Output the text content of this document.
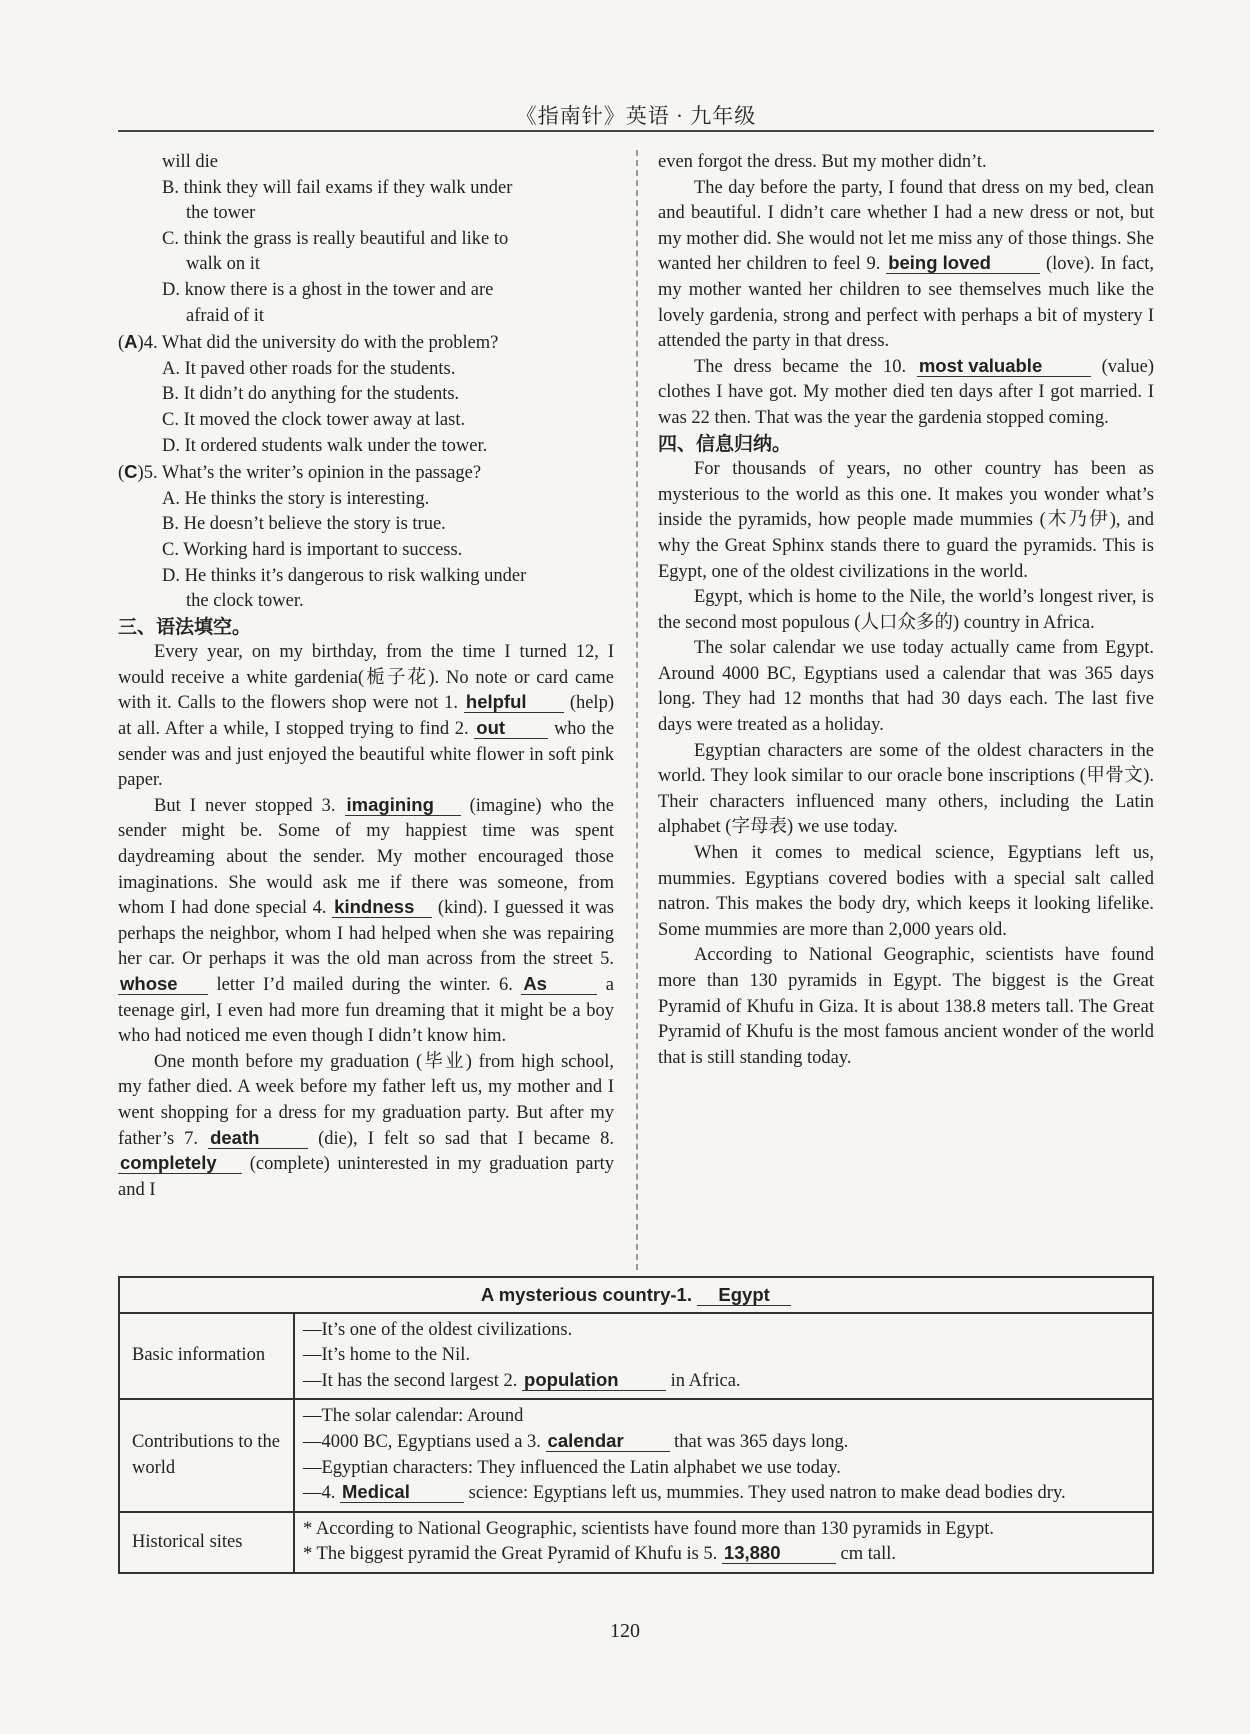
《指南针》英语 · 九年级
will die
B. think they will fail exams if they walk under
the tower
C. think the grass is really beautiful and like to
walk on it
D. know there is a ghost in the tower and are
afraid of it
(A)4. What did the university do with the problem?
A. It paved other roads for the students.
B. It didn’t do anything for the students.
C. It moved the clock tower away at last.
D. It ordered students walk under the tower.
(C)5. What’s the writer’s opinion in the passage?
A. He thinks the story is interesting.
B. He doesn’t believe the story is true.
C. Working hard is important to success.
D. He thinks it’s dangerous to risk walking under
the clock tower.
三、语法填空。
Every year, on my birthday, from the time I turned 12, I would receive a white gardenia(栀子花). No note or card came with it. Calls to the flowers shop were not 1. helpful (help) at all. After a while, I stopped trying to find 2. out	who the sender was and just enjoyed the beautiful white flower in soft pink paper.
But I never stopped 3. imagining (imagine) who the sender might be. Some of my happiest time was spent daydreaming about the sender. My mother encouraged those imaginations. She would ask me if there was someone, from whom I had done special 4. kindness (kind). I guessed it was perhaps the neighbor, whom I had helped when she was repairing her car. Or perhaps it was the old man across from the street 5. whose letter I’d mailed during the winter. 6. As	a teenage girl, I even had more fun dreaming that it might be a boy who had noticed me even though I didn’t know him.
One month before my graduation (毕业) from high school, my father died. A week before my father left us, my mother and I went shopping for a dress for my graduation party. But after my father’s 7. death	(die), I felt so sad that I became 8. completely (complete) uninterested in my graduation party and I
even forgot the dress. But my mother didn’t.
The day before the party, I found that dress on my bed, clean and beautiful. I didn’t care whether I had a new dress or not, but my mother did. She would not let me miss any of those things. She wanted her children to feel 9. being loved	(love). In fact, my mother wanted her children to see themselves much like the lovely gardenia, strong and perfect with perhaps a bit of mystery I attended the party in that dress.
The dress became the 10. most valuable	(value) clothes I have got. My mother died ten days after I got married. I was 22 then. That was the year the gardenia stopped coming.
四、信息归纳。
For thousands of years, no other country has been as mysterious to the world as this one. It makes you wonder what’s inside the pyramids, how people made mummies (木乃伊), and why the Great Sphinx stands there to guard the pyramids. This is Egypt, one of the oldest civilizations in the world.
Egypt, which is home to the Nile, the world’s longest river, is the second most populous (人口众多的) country in Africa.
The solar calendar we use today actually came from Egypt. Around 4000 BC, Egyptians used a calendar that was 365 days long. They had 12 months that had 30 days each. The last five days were treated as a holiday.
Egyptian characters are some of the oldest characters in the world. They look similar to our oracle bone inscriptions (甲骨文). Their characters influenced many others, including the Latin alphabet (字母表) we use today.
When it comes to medical science, Egyptians left us, mummies. Egyptians covered bodies with a special salt called natron. This makes the body dry, which keeps it looking lifelike. Some mummies are more than 2,000 years old.
According to National Geographic, scientists have found more than 130 pyramids in Egypt. The biggest is the Great Pyramid of Khufu in Giza. It is about 138.8 meters tall. The Great Pyramid of Khufu is the most famous ancient wonder of the world that is still standing today.
A mysterious country-1. Egypt	
Basic information	—It’s one of the oldest civilizations.
—It’s home to the Nil.
—It has the second largest 2. population in Africa.

Contributions to the world	—The solar calendar: Around
—4000 BC, Egyptians used a 3. calendar that was 365 days long.
—Egyptian characters: They influenced the Latin alphabet we use today.
—4. Medical science: Egyptians left us, mummies. They used natron to make dead bodies dry.

Historical sites	* According to National Geographic, scientists have found more than 130 pyramids in Egypt.
* The biggest pyramid the Great Pyramid of Khufu is 5. 13,880 cm tall.
120
